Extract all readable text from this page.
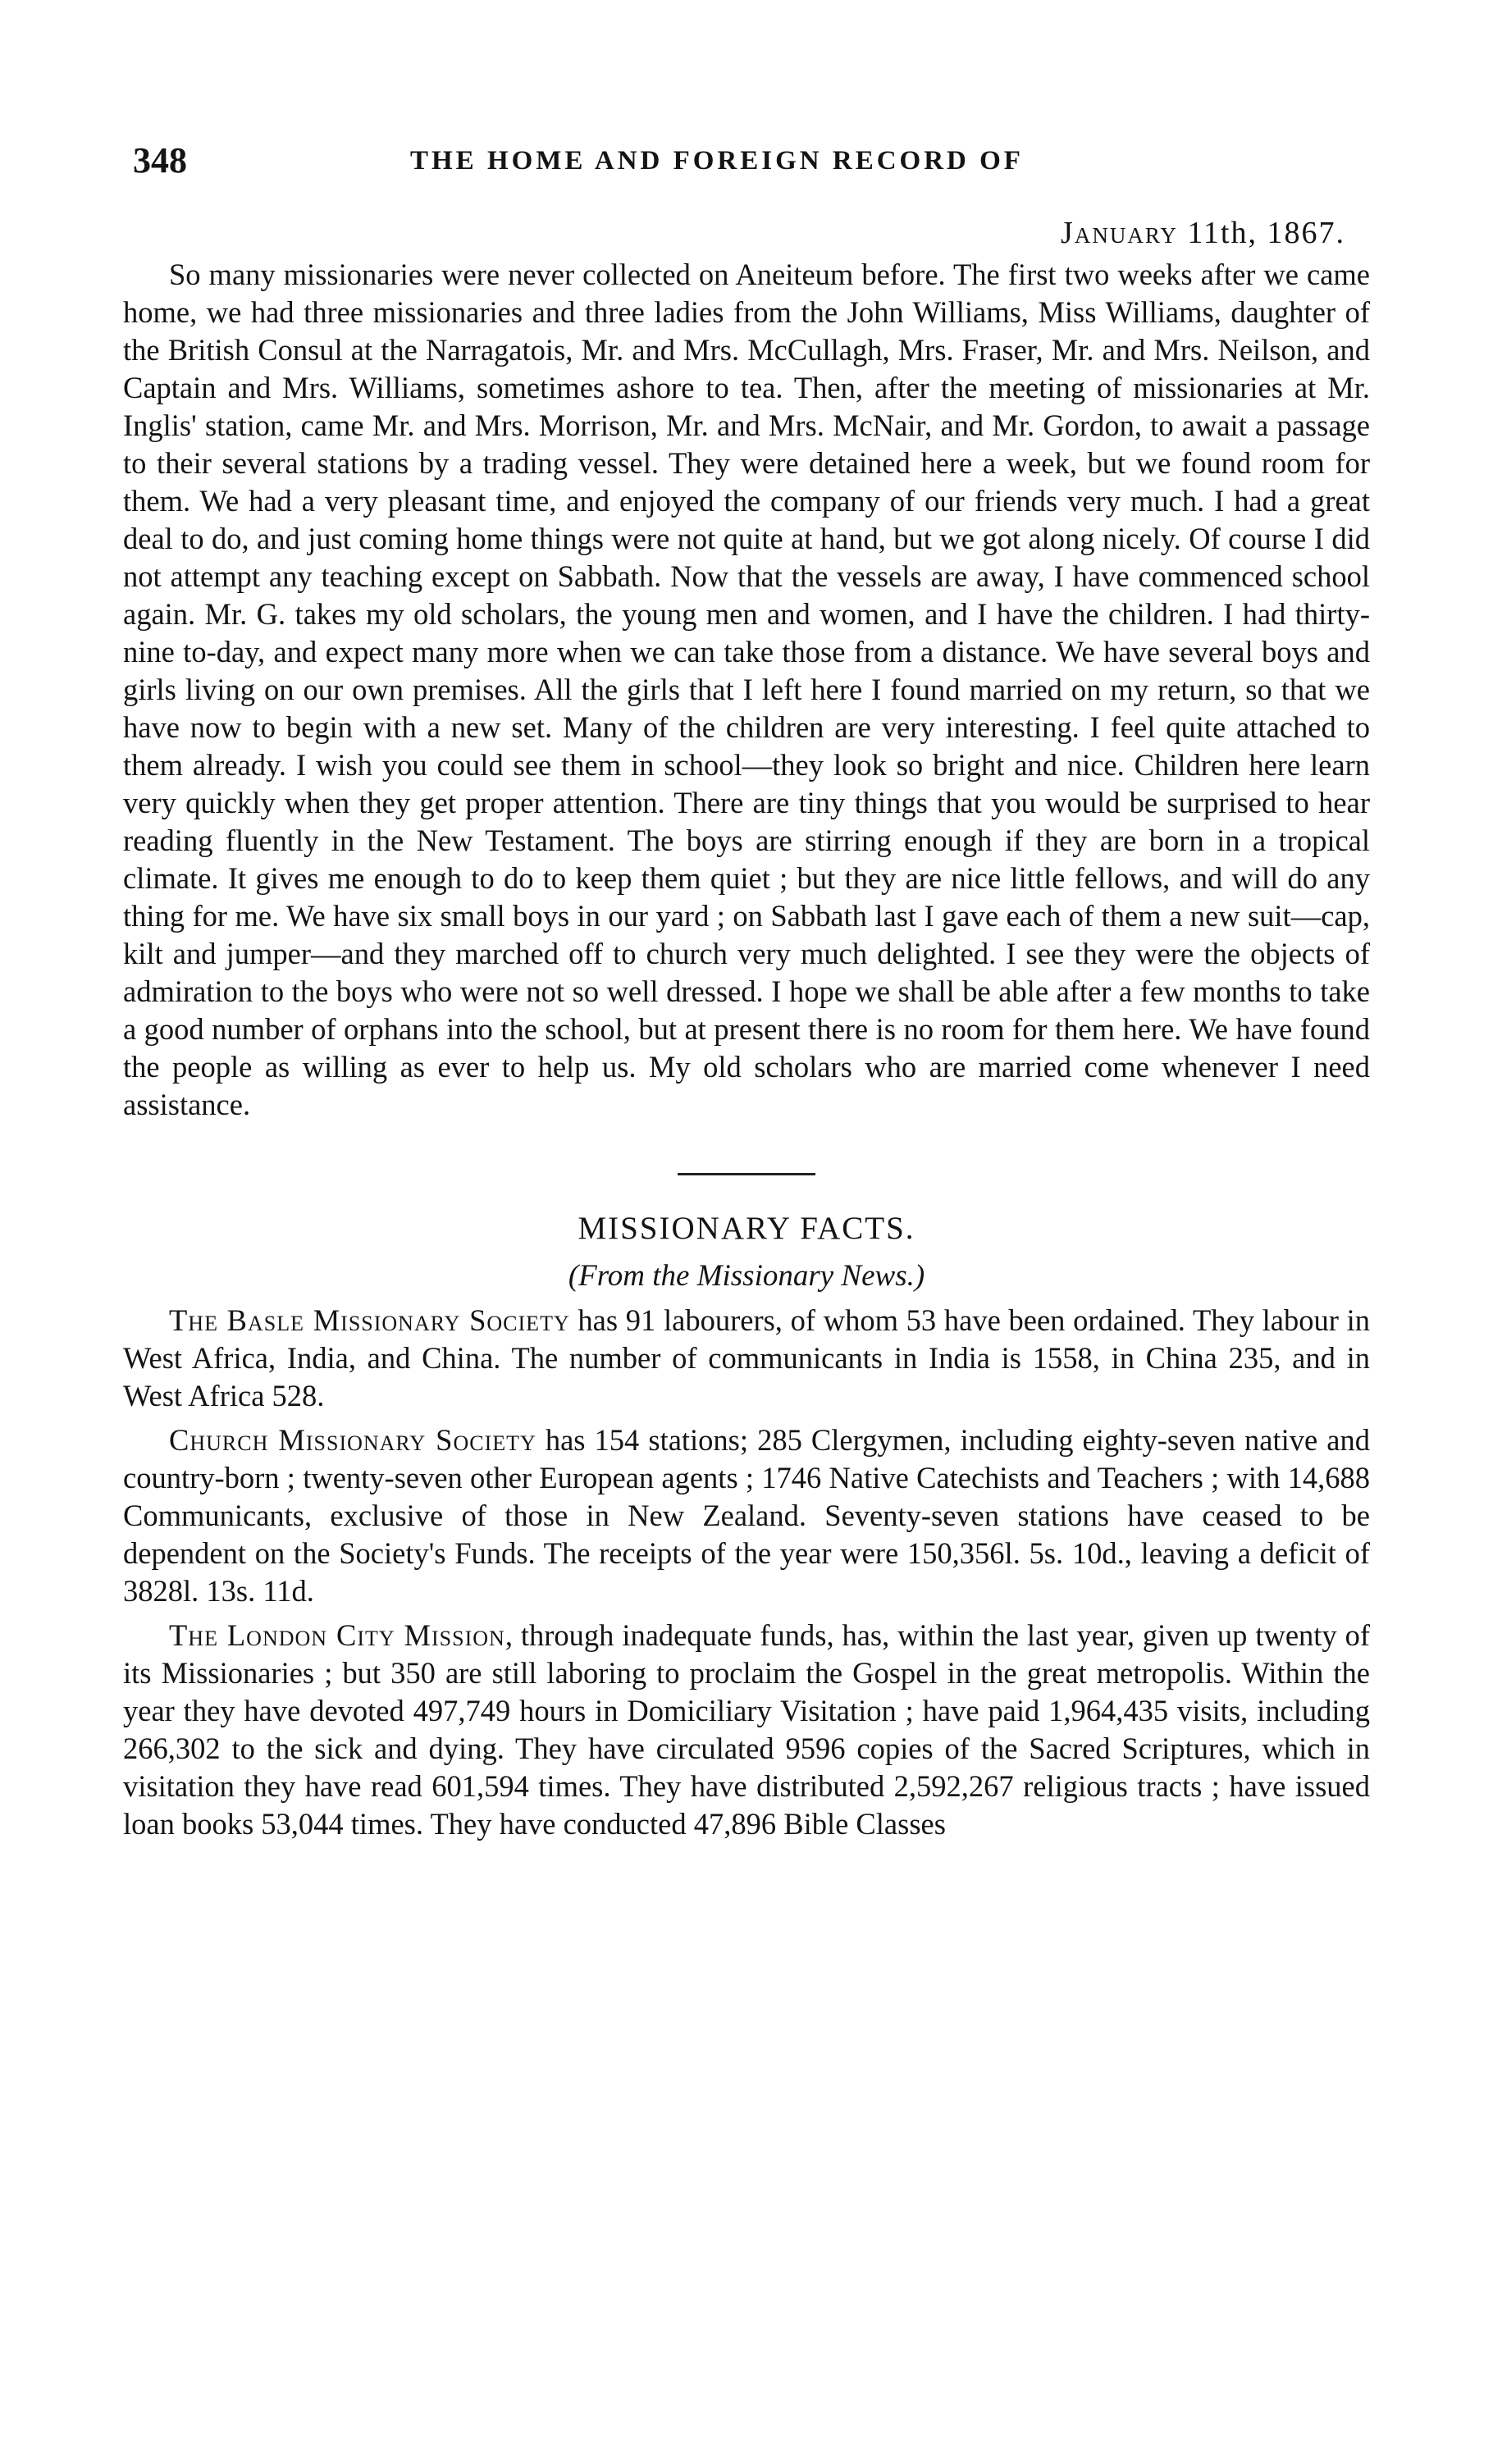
348	THE HOME AND FOREIGN RECORD OF
January 11th, 1867.

So many missionaries were never collected on Aneiteum before. The first two weeks after we came home, we had three missionaries and three ladies from the John Williams, Miss Williams, daughter of the British Consul at the Narragatois, Mr. and Mrs. McCullagh, Mrs. Fraser, Mr. and Mrs. Neilson, and Captain and Mrs. Williams, sometimes ashore to tea. Then, after the meeting of missionaries at Mr. Inglis' station, came Mr. and Mrs. Morrison, Mr. and Mrs. McNair, and Mr. Gordon, to await a passage to their several stations by a trading vessel. They were detained here a week, but we found room for them. We had a very pleasant time, and enjoyed the company of our friends very much. I had a great deal to do, and just coming home things were not quite at hand, but we got along nicely. Of course I did not attempt any teaching except on Sabbath. Now that the vessels are away, I have commenced school again. Mr. G. takes my old scholars, the young men and women, and I have the children. I had thirty-nine to-day, and expect many more when we can take those from a distance. We have several boys and girls living on our own premises. All the girls that I left here I found married on my return, so that we have now to begin with a new set. Many of the children are very interesting. I feel quite attached to them already. I wish you could see them in school—they look so bright and nice. Children here learn very quickly when they get proper attention. There are tiny things that you would be surprised to hear reading fluently in the New Testament. The boys are stirring enough if they are born in a tropical climate. It gives me enough to do to keep them quiet ; but they are nice little fellows, and will do any thing for me. We have six small boys in our yard ; on Sabbath last I gave each of them a new suit—cap, kilt and jumper—and they marched off to church very much delighted. I see they were the objects of admiration to the boys who were not so well dressed. I hope we shall be able after a few months to take a good number of orphans into the school, but at present there is no room for them here. We have found the people as willing as ever to help us. My old scholars who are married come whenever I need assistance.

MISSIONARY FACTS.
(From the Missionary News.)

The Basle Missionary Society has 91 labourers, of whom 53 have been ordained. They labour in West Africa, India, and China. The number of communicants in India is 1558, in China 235, and in West Africa 528.

Church Missionary Society has 154 stations; 285 Clergymen, including eighty-seven native and country-born ; twenty-seven other European agents ; 1746 Native Catechists and Teachers ; with 14,688 Communicants, exclusive of those in New Zealand. Seventy-seven stations have ceased to be dependent on the Society's Funds. The receipts of the year were 150,356l. 5s. 10d., leaving a deficit of 3828l. 13s. 11d.

The London City Mission, through inadequate funds, has, within the last year, given up twenty of its Missionaries ; but 350 are still laboring to proclaim the Gospel in the great metropolis. Within the year they have devoted 497,749 hours in Domiciliary Visitation ; have paid 1,964,435 visits, including 266,302 to the sick and dying. They have circulated 9596 copies of the Sacred Scriptures, which in visitation they have read 601,594 times. They have distributed 2,592,267 religious tracts ; have issued loan books 53,044 times. They have conducted 47,896 Bible Classes
